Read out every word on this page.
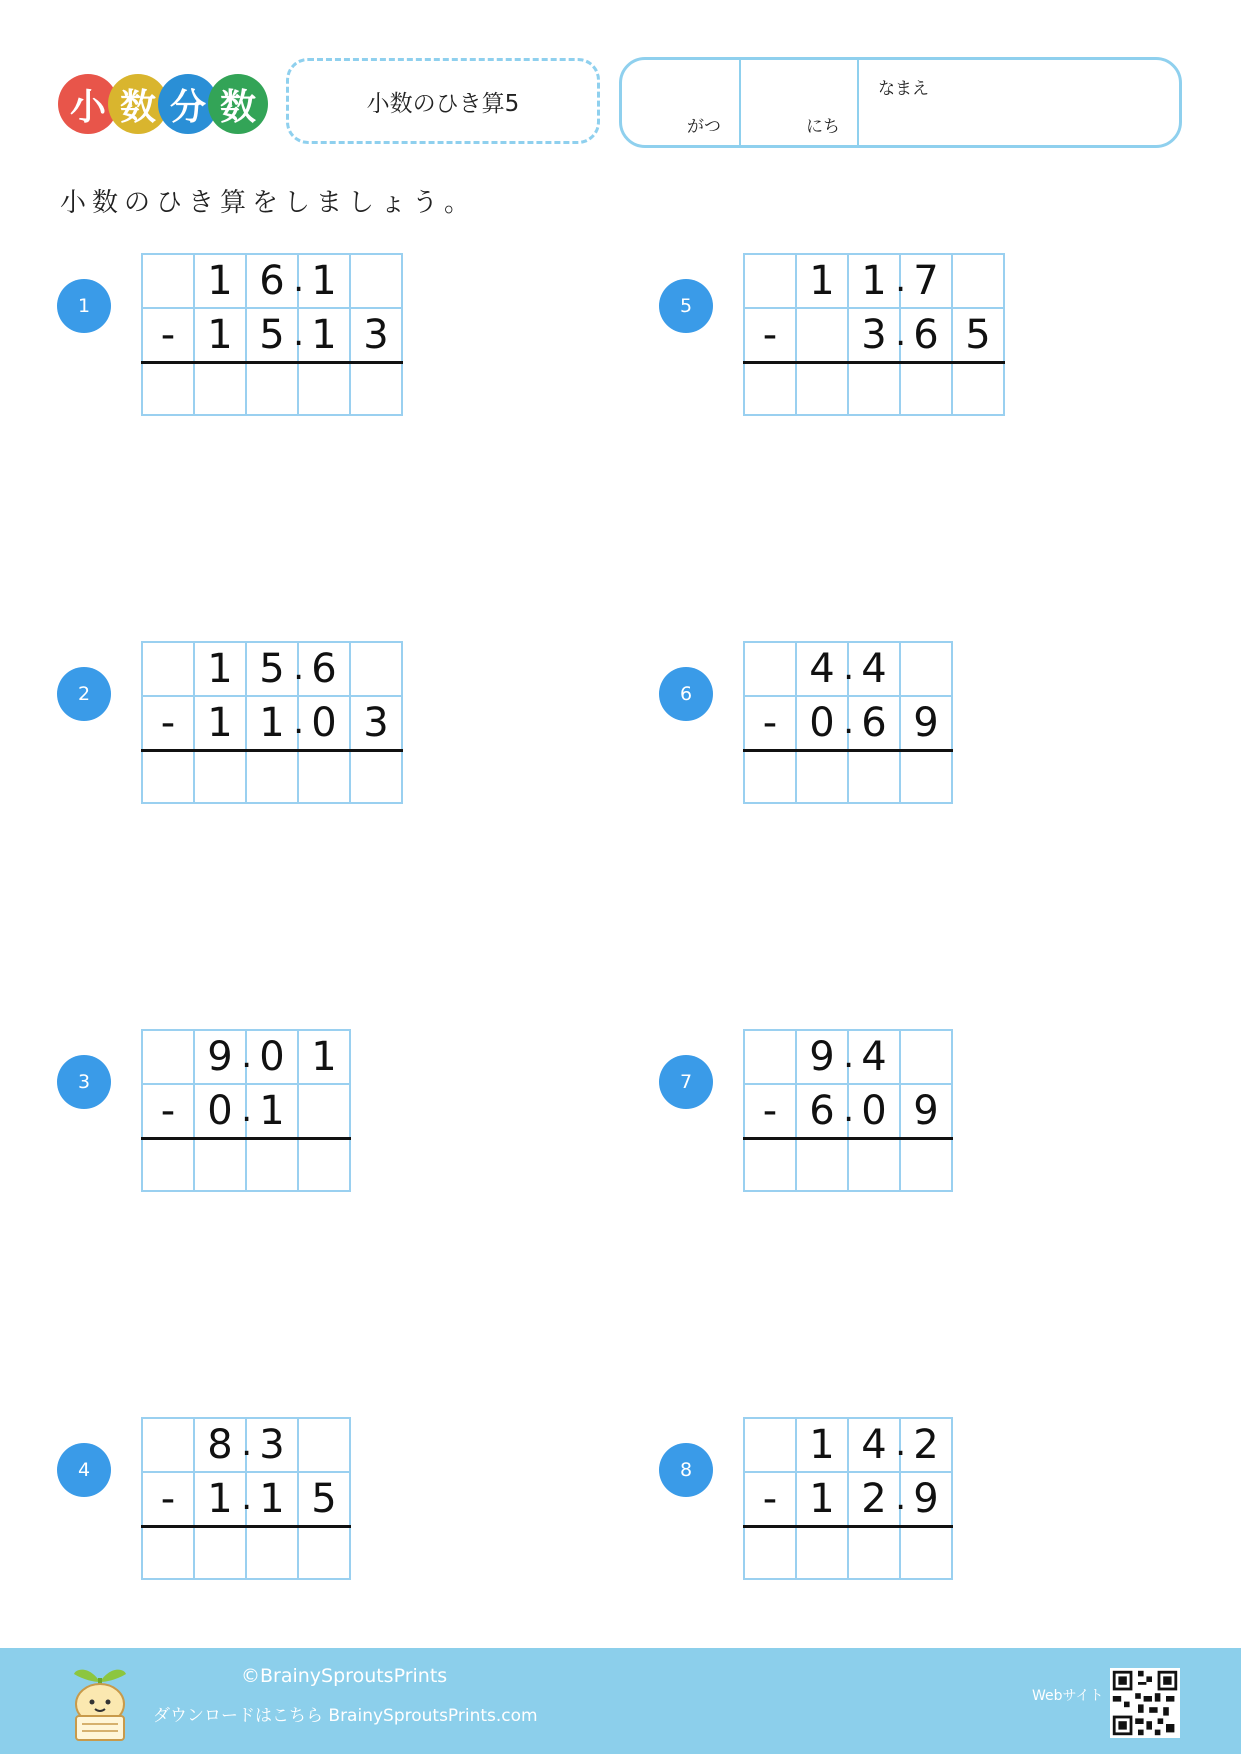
小 数 分 数	小数のひき算5
がつ	にち
なまえ
小数のひき算をしましょう。
1

	1	6 .	1	

-	1	5 .	1	3

2

	1	5 .	6	

-	1	1 .	0	3

3

	9 .	0	1

-	0 .	1	

4

	8 .	3	

-	1 .	1	5

5

	1	1 .	7	

-		3 .	6	5

6

	4 .	4	

-	0 .	6	9

7

	9 .	4	

-	6 .	0	9

8

	1	4 .	2

-	1	2 .	9

©BrainySproutsPrints
ダウンロードはこちら BrainySproutsPrints.com
Webサイト
